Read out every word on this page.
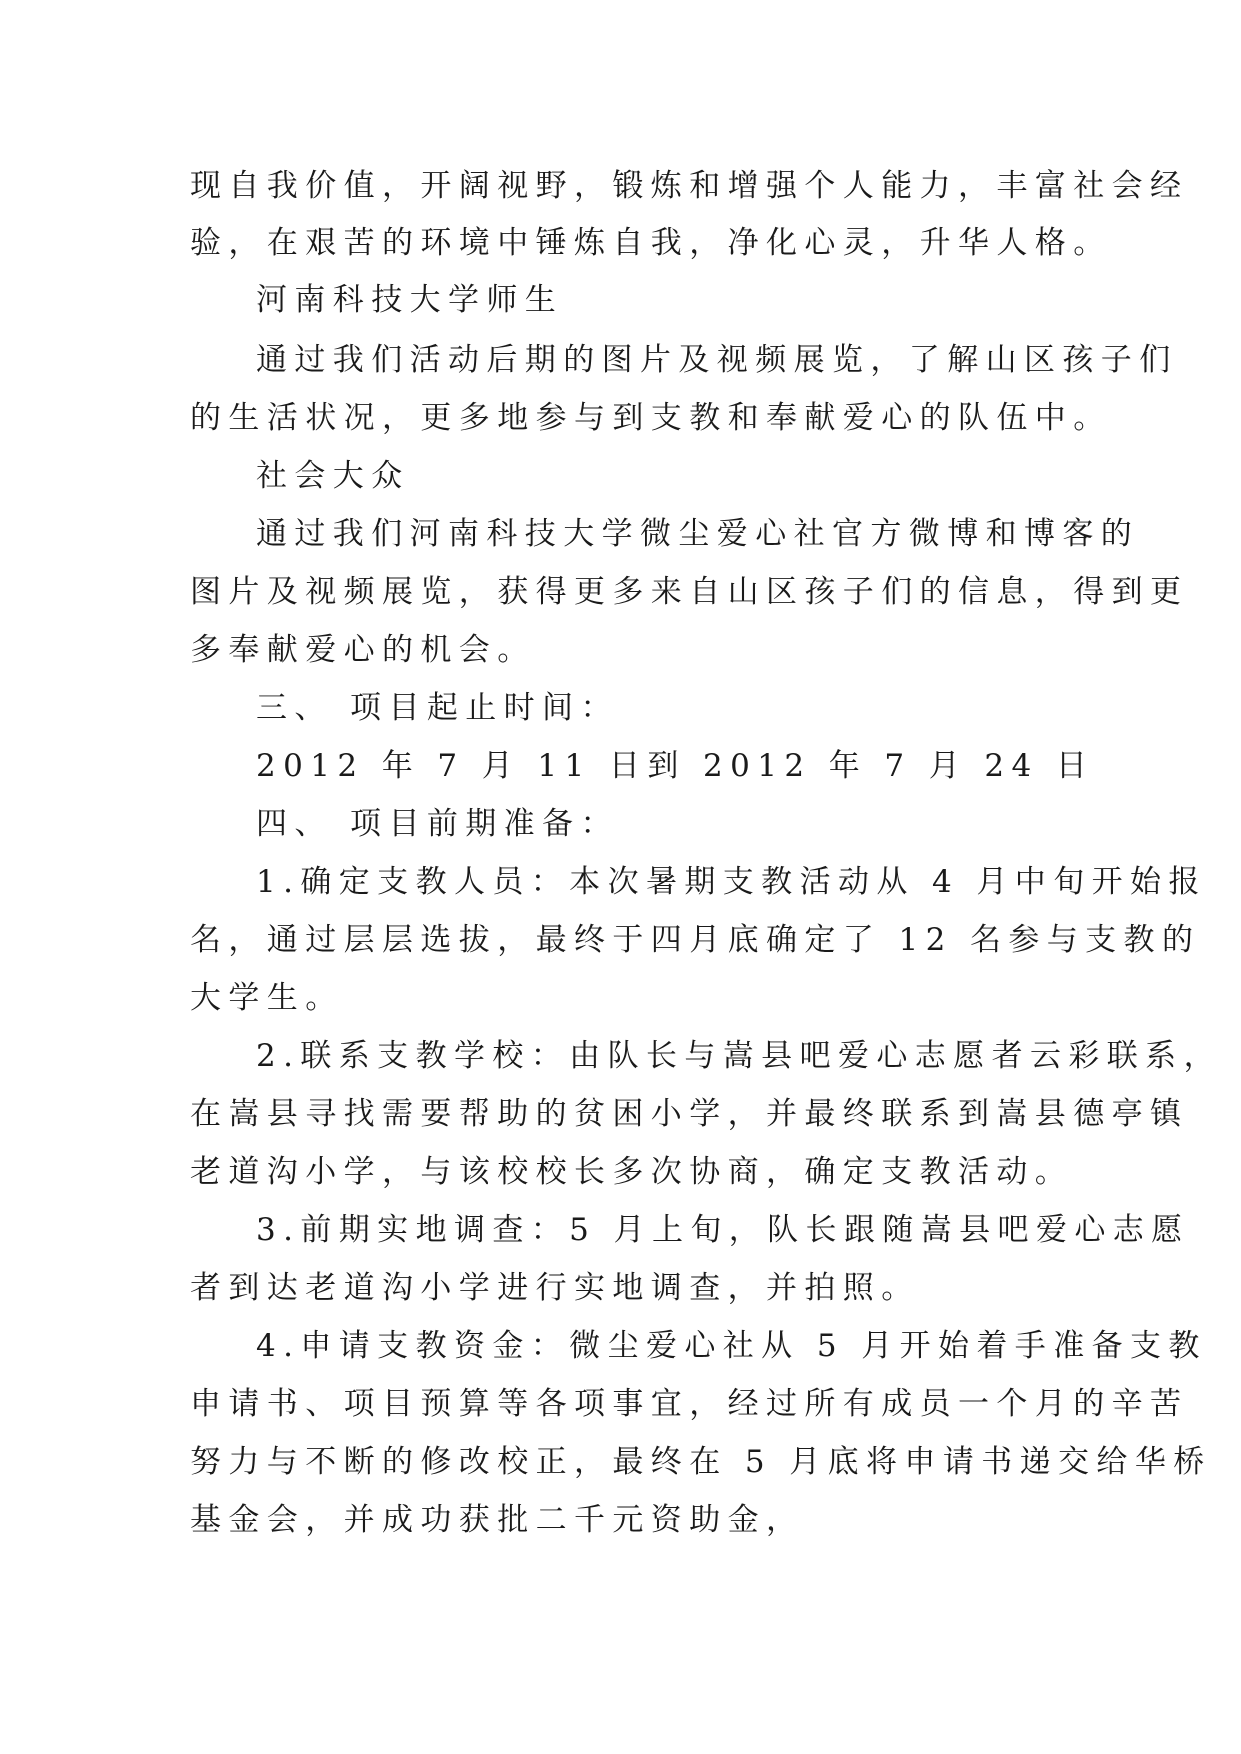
现自我价值，开阔视野，锻炼和增强个人能力，丰富社会经
验，在艰苦的环境中锤炼自我，净化心灵，升华人格。
河南科技大学师生
通过我们活动后期的图片及视频展览，了解山区孩子们
的生活状况，更多地参与到支教和奉献爱心的队伍中。
社会大众
通过我们河南科技大学微尘爱心社官方微博和博客的
图片及视频展览，获得更多来自山区孩子们的信息，得到更
多奉献爱心的机会。
三、 项目起止时间：
2012 年 7 月 11 日到 2012 年 7 月 24 日
四、 项目前期准备：
1.确定支教人员：本次暑期支教活动从 4 月中旬开始报
名，通过层层选拔，最终于四月底确定了 12 名参与支教的
大学生。
2.联系支教学校：由队长与嵩县吧爱心志愿者云彩联系，
在嵩县寻找需要帮助的贫困小学，并最终联系到嵩县德亭镇
老道沟小学，与该校校长多次协商，确定支教活动。
3.前期实地调查：5 月上旬，队长跟随嵩县吧爱心志愿
者到达老道沟小学进行实地调查，并拍照。
4.申请支教资金：微尘爱心社从 5 月开始着手准备支教
申请书、项目预算等各项事宜，经过所有成员一个月的辛苦
努力与不断的修改校正，最终在 5 月底将申请书递交给华桥
基金会，并成功获批二千元资助金，
